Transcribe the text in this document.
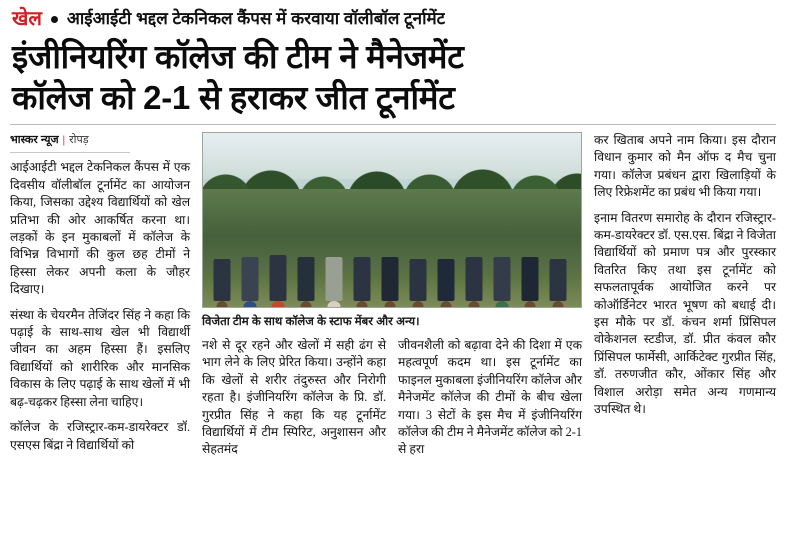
खेल आईआईटी भद्दल टेकनिकल कैंपस में करवाया वॉलीबॉल टूर्नामेंट
इंजीनियरिंग कॉलेज की टीम ने मैनेजमेंट
कॉलेज को 2-1 से हराकर जीत टूर्नामेंट
भास्कर न्यूज | रोपड़

आईआईटी भद्दल टेकनिकल कैंपस में एक दिवसीय वॉलीबॉल टूर्नामेंट का आयोजन किया, जिसका उद्देश्य विद्यार्थियों को खेल प्रतिभा की ओर आकर्षित करना था। लड़कों के इन मुकाबलों में कॉलेज के विभिन्न विभागों की कुल छह टीमों ने हिस्सा लेकर अपनी कला के जौहर दिखाए।

संस्था के चेयरमैन तेजिंदर सिंह ने कहा कि पढ़ाई के साथ-साथ खेल भी विद्यार्थी जीवन का अहम हिस्सा हैं। इसलिए विद्यार्थियों को शारीरिक और मानसिक विकास के लिए पढ़ाई के साथ खेलों में भी बढ़-चढ़कर हिस्सा लेना चाहिए।

कॉलेज के रजिस्ट्रार-कम-डायरेक्टर डॉ. एसएस बिंद्रा ने विद्यार्थियों को

विजेता टीम के साथ कॉलेज के स्टाफ मेंबर और अन्य।

नशे से दूर रहने और खेलों में सही ढंग से भाग लेने के लिए प्रेरित किया। उन्होंने कहा कि खेलों से शरीर तंदुरुस्त और निरोगी रहता है। इंजीनियरिंग कॉलेज के प्रि. डॉ. गुरप्रीत सिंह ने कहा कि यह टूर्नामेंट विद्यार्थियों में टीम स्पिरिट, अनुशासन और सेहतमंद

जीवनशैली को बढ़ावा देने की दिशा में एक महत्वपूर्ण कदम था। इस टूर्नामेंट का फाइनल मुकाबला इंजीनियरिंग कॉलेज और मैनेजमेंट कॉलेज की टीमों के बीच खेला गया। 3 सेटों के इस मैच में इंजीनियरिंग कॉलेज की टीम ने मैनेजमेंट कॉलेज को 2-1 से हरा

कर खिताब अपने नाम किया। इस दौरान विधान कुमार को मैन ऑफ द मैच चुना गया। कॉलेज प्रबंधन द्वारा खिलाड़ियों के लिए रिफ्रेशमेंट का प्रबंध भी किया गया।

इनाम वितरण समारोह के दौरान रजिस्ट्रार-कम-डायरेक्टर डॉ. एस.एस. बिंद्रा ने विजेता विद्यार्थियों को प्रमाण पत्र और पुरस्कार वितरित किए तथा इस टूर्नामेंट को सफलतापूर्वक आयोजित करने पर कोऑर्डिनेटर भारत भूषण को बधाई दी। इस मौके पर डॉ. कंचन शर्मा प्रिंसिपल वोकेशनल स्टडीज, डॉ. प्रीत कंवल कौर प्रिंसिपल फार्मेसी, आर्किटेक्ट गुरप्रीत सिंह, डॉ. तरुणजीत कौर, ओंकार सिंह और विशाल अरोड़ा समेत अन्य गणमान्य उपस्थित थे।
